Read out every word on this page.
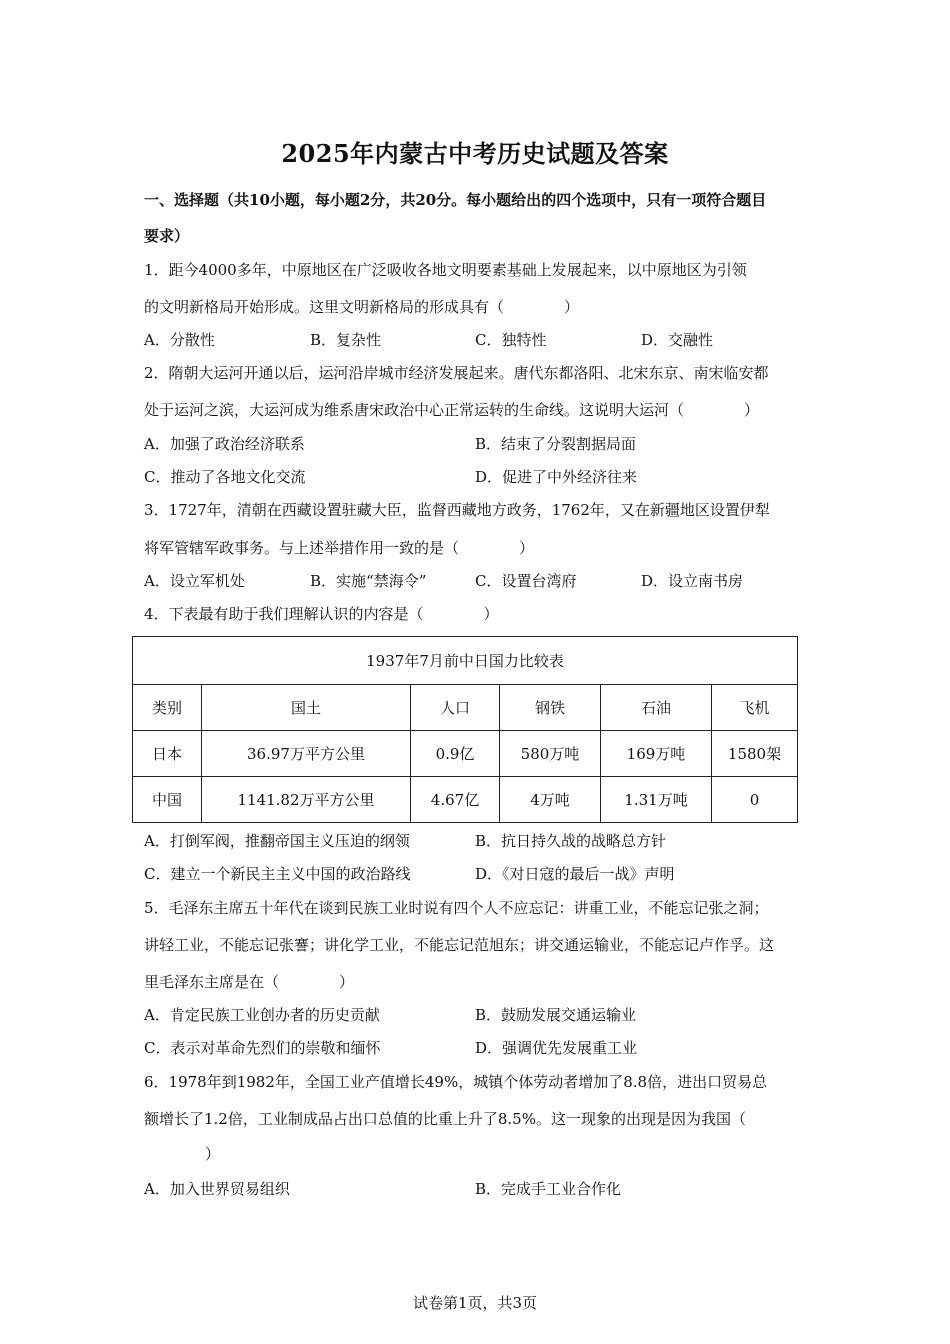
2025年内蒙古中考历史试题及答案
一、选择题（共10小题，每小题2分，共20分。每小题给出的四个选项中，只有一项符合题目
要求）
1．距今4000多年，中原地区在广泛吸收各地文明要素基础上发展起来，以中原地区为引领
的文明新格局开始形成。这里文明新格局的形成具有（　　　　）
A．分散性	B．复杂性	C．独特性	D．交融性
2．隋朝大运河开通以后，运河沿岸城市经济发展起来。唐代东都洛阳、北宋东京、南宋临安都
处于运河之滨，大运河成为维系唐宋政治中心正常运转的生命线。这说明大运河（　　　　）
A．加强了政治经济联系	B．结束了分裂割据局面
C．推动了各地文化交流	D．促进了中外经济往来
3．1727年，清朝在西藏设置驻藏大臣，监督西藏地方政务，1762年，又在新疆地区设置伊犁
将军管辖军政事务。与上述举措作用一致的是（　　　　）
A．设立军机处	B．实施“禁海令”	C．设置台湾府	D．设立南书房
4．下表最有助于我们理解认识的内容是（　　　　）
1937年7月前中日国力比较表					
类别	国土	人口	钢铁	石油	飞机
日本	36.97万平方公里	0.9亿	580万吨	169万吨	1580架
中国	1141.82万平方公里	4.67亿	4万吨	1.31万吨	0
A．打倒军阀，推翻帝国主义压迫的纲领	B．抗日持久战的战略总方针
C．建立一个新民主主义中国的政治路线	D．《对日寇的最后一战》声明
5．毛泽东主席五十年代在谈到民族工业时说有四个人不应忘记：讲重工业，不能忘记张之洞；
讲轻工业，不能忘记张謇；讲化学工业，不能忘记范旭东；讲交通运输业，不能忘记卢作孚。这
里毛泽东主席是在（　　　　）
A．肯定民族工业创办者的历史贡献	B．鼓励发展交通运输业
C．表示对革命先烈们的崇敬和缅怀	D．强调优先发展重工业
6．1978年到1982年，全国工业产值增长49%，城镇个体劳动者增加了8.8倍，进出口贸易总
额增长了1.2倍，工业制成品占出口总值的比重上升了8.5%。这一现象的出现是因为我国（
　　　）
A．加入世界贸易组织	B．完成手工业合作化
试卷第1页，共3页
